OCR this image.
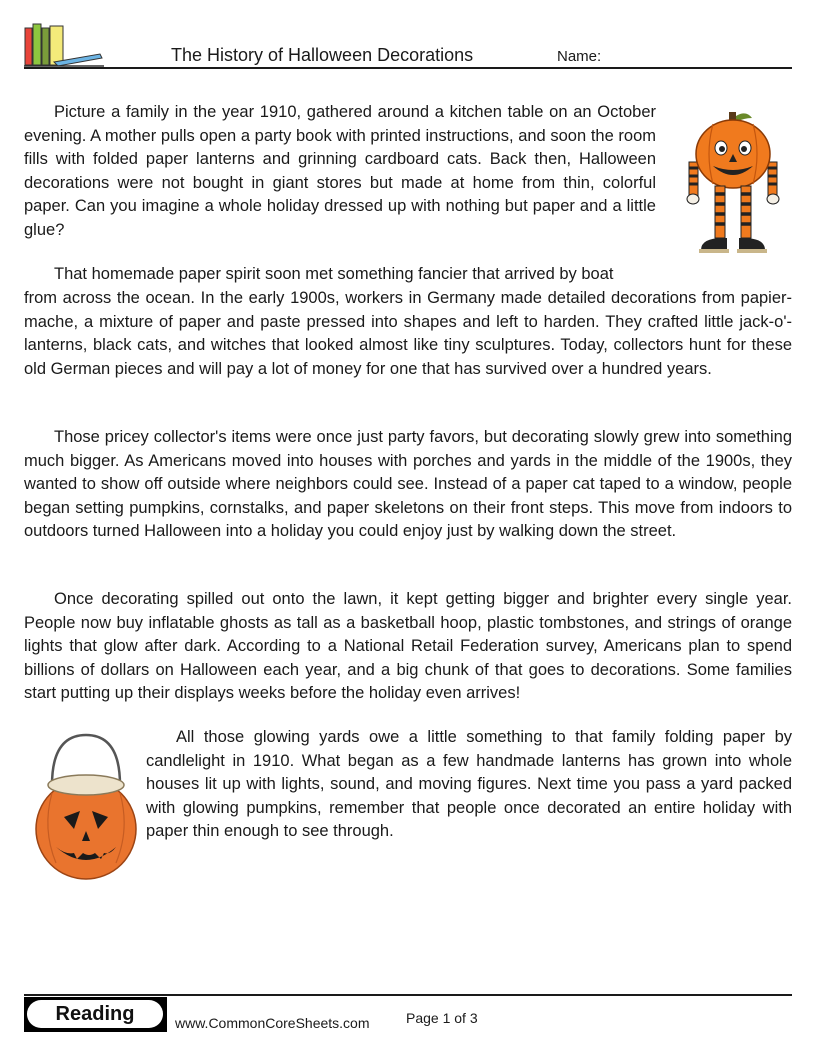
The History of Halloween Decorations	Name:

Picture a family in the year 1910, gathered around a kitchen table on an October evening. A mother pulls open a party book with printed instructions, and soon the room fills with folded paper lanterns and grinning cardboard cats. Back then, Halloween decorations were not bought in giant stores but made at home from thin, colorful paper. Can you imagine a whole holiday dressed up with nothing but paper and a little glue?

That homemade paper spirit soon met something fancier that arrived by boat

from across the ocean. In the early 1900s, workers in Germany made detailed decorations from papier-mache, a mixture of paper and paste pressed into shapes and left to harden. They crafted little jack-o'-lanterns, black cats, and witches that looked almost like tiny sculptures. Today, collectors hunt for these old German pieces and will pay a lot of money for one that has survived over a hundred years.

Those pricey collector's items were once just party favors, but decorating slowly grew into something much bigger. As Americans moved into houses with porches and yards in the middle of the 1900s, they wanted to show off outside where neighbors could see. Instead of a paper cat taped to a window, people began setting pumpkins, cornstalks, and paper skeletons on their front steps. This move from indoors to outdoors turned Halloween into a holiday you could enjoy just by walking down the street.

Once decorating spilled out onto the lawn, it kept getting bigger and brighter every single year. People now buy inflatable ghosts as tall as a basketball hoop, plastic tombstones, and strings of orange lights that glow after dark. According to a National Retail Federation survey, Americans plan to spend billions of dollars on Halloween each year, and a big chunk of that goes to decorations. Some families start putting up their displays weeks before the holiday even arrives!

All those glowing yards owe a little something to that family folding paper by candlelight in 1910. What began as a few handmade lanterns has grown into whole houses lit up with lights, sound, and moving figures. Next time you pass a yard packed with glowing pumpkins, remember that people once decorated an entire holiday with paper thin enough to see through.

Reading	www.CommonCoreSheets.com	Page 1 of 3
